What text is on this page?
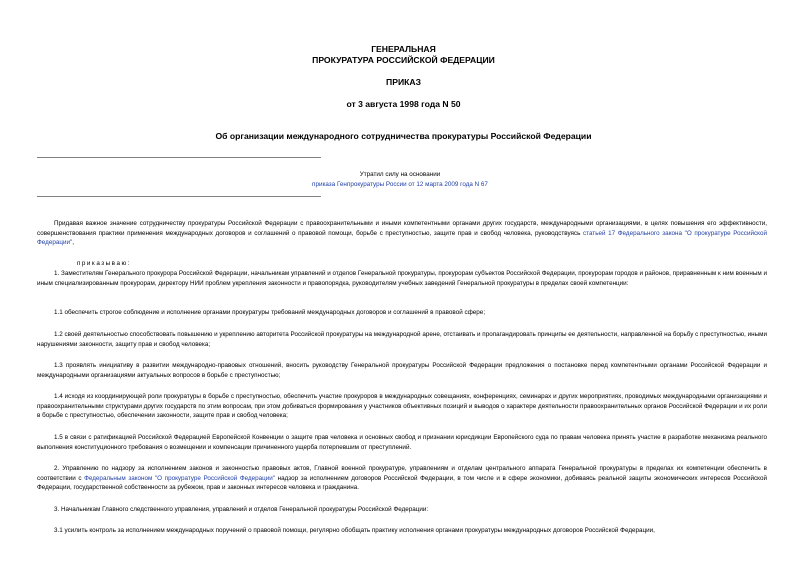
ГЕНЕРАЛЬНАЯ
ПРОКУРАТУРА РОССИЙСКОЙ ФЕДЕРАЦИИ
ПРИКАЗ
от 3 августа 1998 года N 50
Об организации международного сотрудничества прокуратуры Российской Федерации
Утратил силу на основании
приказа Генпрокуратуры России от 12 марта 2009 года N 67
Придавая важное значение сотрудничеству прокуратуры Российской Федерации с правоохранительными и иными компетентными органами других государств, международными организациями, в целях повышения его эффективности, совершенствования практики применения международных договоров и соглашений о правовой помощи, борьбе с преступностью, защите прав и свобод человека, руководствуясь статьей 17 Федерального закона "О прокуратуре Российской Федерации",
приказываю:
1. Заместителям Генерального прокурора Российской Федерации, начальникам управлений и отделов Генеральной прокуратуры, прокурорам субъектов Российской Федерации, прокурорам городов и районов, приравненным к ним военным и иным специализированным прокурорам, директору НИИ проблем укрепления законности и правопорядка, руководителям учебных заведений Генеральной прокуратуры в пределах своей компетенции:
1.1 обеспечить строгое соблюдение и исполнение органами прокуратуры требований международных договоров и соглашений в правовой сфере;
1.2 своей деятельностью способствовать повышению и укреплению авторитета Российской прокуратуры на международной арене, отстаивать и пропагандировать принципы ее деятельности, направленной на борьбу с преступностью, иными нарушениями законности, защиту прав и свобод человека;
1.3 проявлять инициативу в развитии международно-правовых отношений, вносить руководству Генеральной прокуратуры Российской Федерации предложения о постановке перед компетентными органами Российской Федерации и международными организациями актуальных вопросов в борьбе с преступностью;
1.4 исходя из координирующей роли прокуратуры в борьбе с преступностью, обеспечить участие прокуроров в международных совещаниях, конференциях, семинарах и других мероприятиях, проводимых международными организациями и правоохранительными структурами других государств по этим вопросам, при этом добиваться формирования у участников объективных позиций и выводов о характере деятельности правоохранительных органов Российской Федерации и их роли в борьбе с преступностью, обеспечении законности, защите прав и свобод человека;
1.5 в связи с ратификацией Российской Федерацией Европейской Конвенции о защите прав человека и основных свобод и признании юрисдикции Европейского суда по правам человека принять участие в разработке механизма реального выполнения конституционного требования о возмещении и компенсации причиненного ущерба потерпевшим от преступлений.
2. Управлению по надзору за исполнением законов и законностью правовых актов, Главной военной прокуратуре, управлениям и отделам центрального аппарата Генеральной прокуратуры в пределах их компетенции обеспечить в соответствии с Федеральным законом "О прокуратуре Российской Федерации" надзор за исполнением договоров Российской Федерации, в том числе и в сфере экономики, добиваясь реальной защиты экономических интересов Российской Федерации, государственной собственности за рубежом, прав и законных интересов человека и гражданина.
3. Начальникам Главного следственного управления, управлений и отделов Генеральной прокуратуры Российской Федерации:
3.1 усилить контроль за исполнением международных поручений о правовой помощи, регулярно обобщать практику исполнения органами прокуратуры международных договоров Российской Федерации,
